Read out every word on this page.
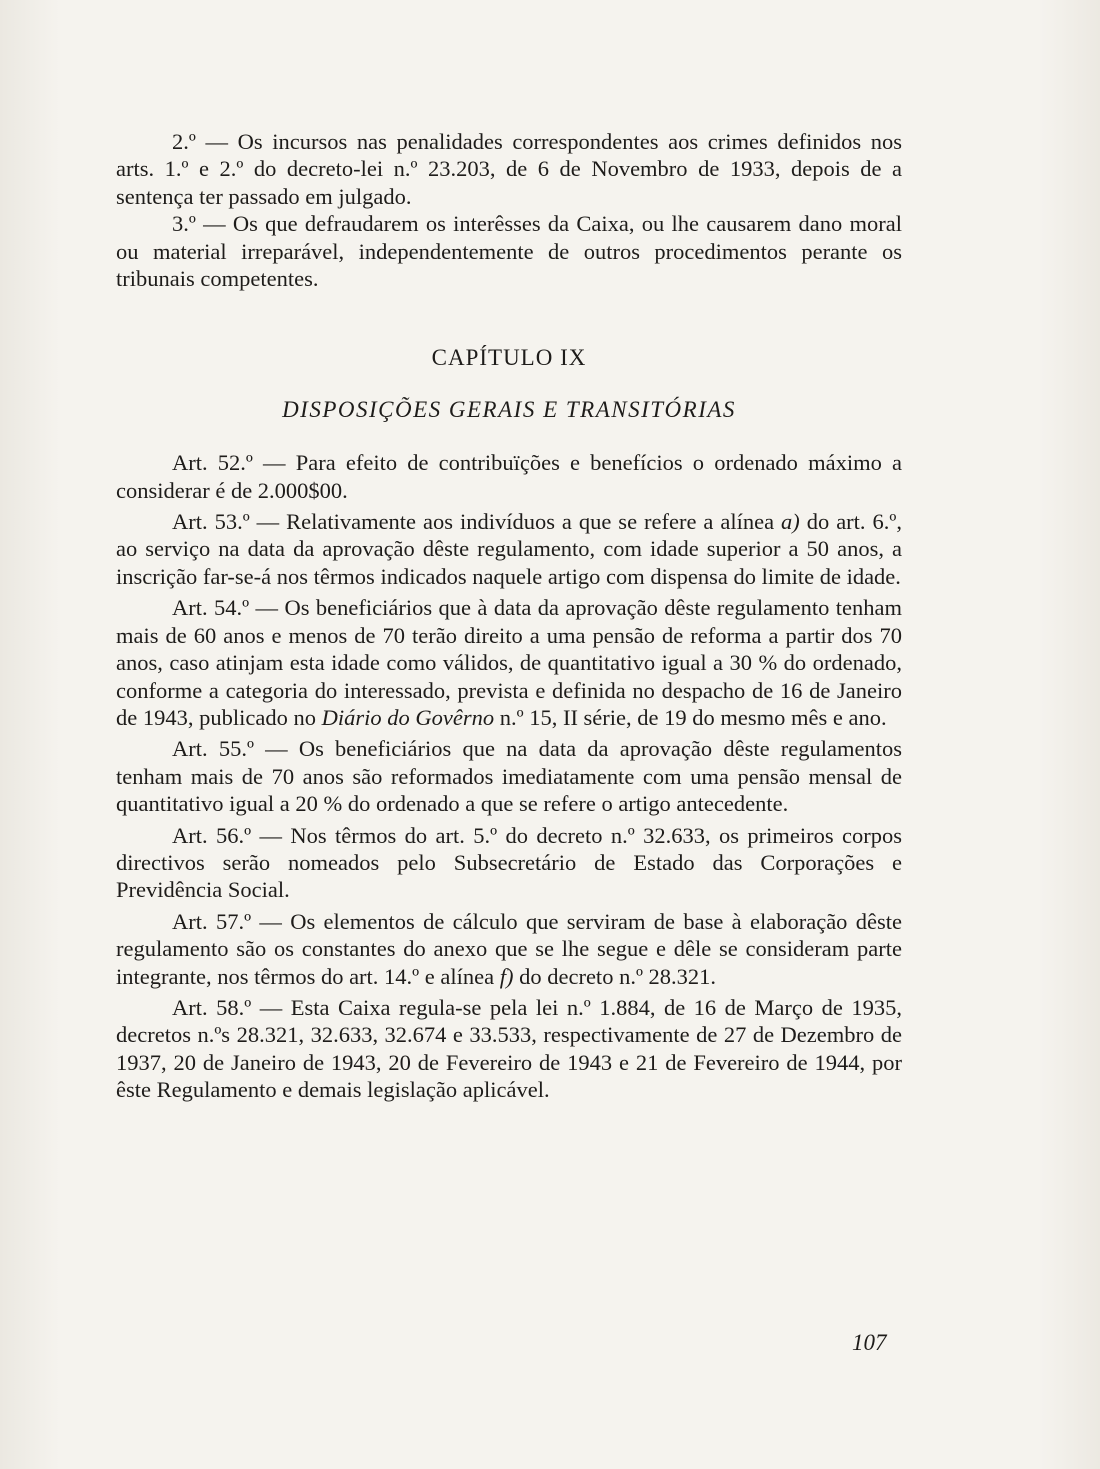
2.º — Os incursos nas penalidades correspondentes aos crimes definidos nos arts. 1.º e 2.º do decreto-lei n.º 23.203, de 6 de Novembro de 1933, depois de a sentença ter passado em julgado.

3.º — Os que defraudarem os interêsses da Caixa, ou lhe causarem dano moral ou material irreparável, independentemente de outros procedimentos perante os tribunais competentes.

CAPÍTULO IX
DISPOSIÇÕES GERAIS E TRANSITÓRIAS

Art. 52.º — Para efeito de contribuïções e benefícios o ordenado máximo a considerar é de 2.000$00.

Art. 53.º — Relativamente aos indivíduos a que se refere a alínea a) do art. 6.º, ao serviço na data da aprovação dêste regulamento, com idade superior a 50 anos, a inscrição far-se-á nos têrmos indicados naquele artigo com dispensa do limite de idade.

Art. 54.º — Os beneficiários que à data da aprovação dêste regulamento tenham mais de 60 anos e menos de 70 terão direito a uma pensão de reforma a partir dos 70 anos, caso atinjam esta idade como válidos, de quantitativo igual a 30 % do ordenado, conforme a categoria do interessado, prevista e definida no despacho de 16 de Janeiro de 1943, publicado no Diário do Govêrno n.º 15, II série, de 19 do mesmo mês e ano.

Art. 55.º — Os beneficiários que na data da aprovação dêste regulamentos tenham mais de 70 anos são reformados imediatamente com uma pensão mensal de quantitativo igual a 20 % do ordenado a que se refere o artigo antecedente.

Art. 56.º — Nos têrmos do art. 5.º do decreto n.º 32.633, os primeiros corpos directivos serão nomeados pelo Subsecretário de Estado das Corporações e Previdência Social.

Art. 57.º — Os elementos de cálculo que serviram de base à elaboração dêste regulamento são os constantes do anexo que se lhe segue e dêle se consideram parte integrante, nos têrmos do art. 14.º e alínea f) do decreto n.º 28.321.

Art. 58.º — Esta Caixa regula-se pela lei n.º 1.884, de 16 de Março de 1935, decretos n.ºs 28.321, 32.633, 32.674 e 33.533, respectivamente de 27 de Dezembro de 1937, 20 de Janeiro de 1943, 20 de Fevereiro de 1943 e 21 de Fevereiro de 1944, por êste Regulamento e demais legislação aplicável.

107
